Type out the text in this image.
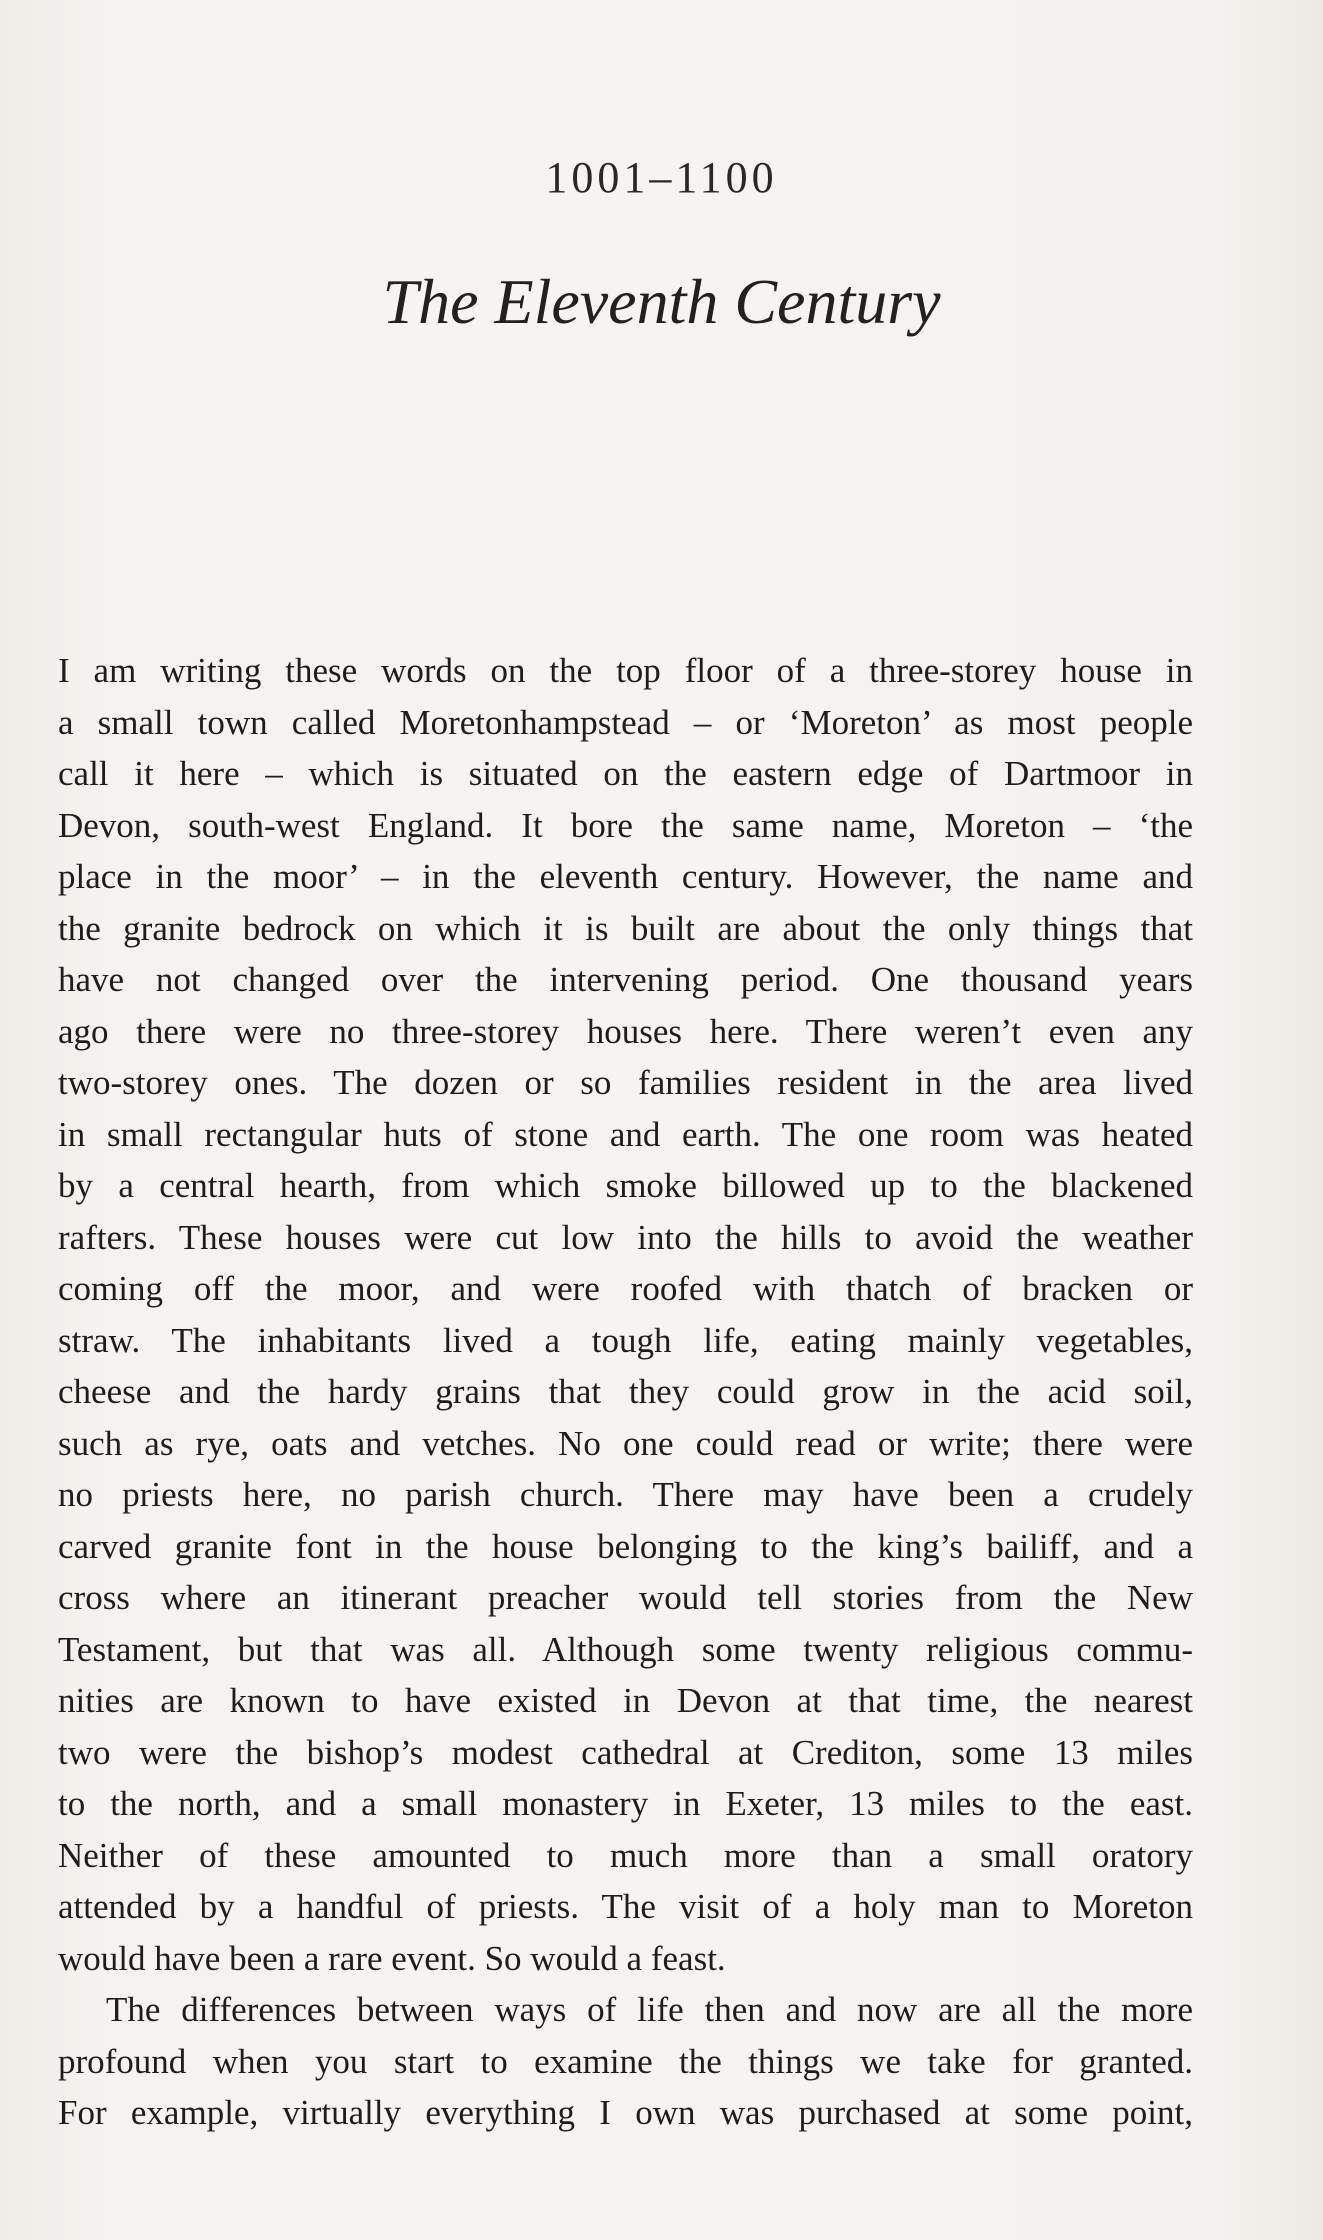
1001–1100
The Eleventh Century
I am writing these words on the top floor of a three-storey house in
a small town called Moretonhampstead – or ‘Moreton’ as most people
call it here – which is situated on the eastern edge of Dartmoor in
Devon, south-west England. It bore the same name, Moreton – ‘the
place in the moor’ – in the eleventh century. However, the name and
the granite bedrock on which it is built are about the only things that
have not changed over the intervening period. One thousand years
ago there were no three-storey houses here. There weren’t even any
two-storey ones. The dozen or so families resident in the area lived
in small rectangular huts of stone and earth. The one room was heated
by a central hearth, from which smoke billowed up to the blackened
rafters. These houses were cut low into the hills to avoid the weather
coming off the moor, and were roofed with thatch of bracken or
straw. The inhabitants lived a tough life, eating mainly vegetables,
cheese and the hardy grains that they could grow in the acid soil,
such as rye, oats and vetches. No one could read or write; there were
no priests here, no parish church. There may have been a crudely
carved granite font in the house belonging to the king’s bailiff, and a
cross where an itinerant preacher would tell stories from the New
Testament, but that was all. Although some twenty religious commu-
nities are known to have existed in Devon at that time, the nearest
two were the bishop’s modest cathedral at Crediton, some 13 miles
to the north, and a small monastery in Exeter, 13 miles to the east.
Neither of these amounted to much more than a small oratory
attended by a handful of priests. The visit of a holy man to Moreton
would have been a rare event. So would a feast.
The differences between ways of life then and now are all the more
profound when you start to examine the things we take for granted.
For example, virtually everything I own was purchased at some point,
